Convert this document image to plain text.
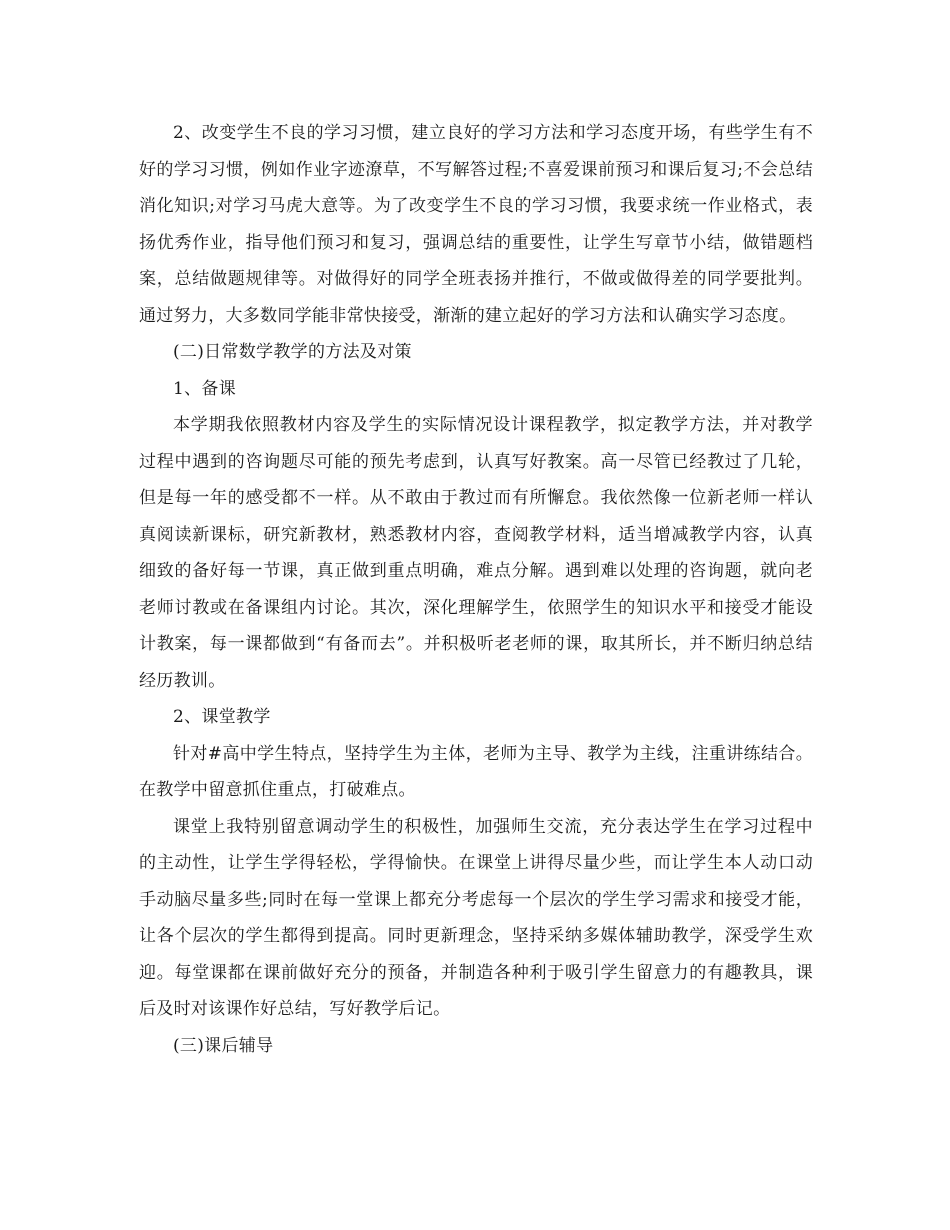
2、改变学生不良的学习习惯，建立良好的学习方法和学习态度开场，有些学生有不好的学习习惯，例如作业字迹潦草，不写解答过程;不喜爱课前预习和课后复习;不会总结消化知识;对学习马虎大意等。为了改变学生不良的学习习惯，我要求统一作业格式，表扬优秀作业，指导他们预习和复习，强调总结的重要性，让学生写章节小结，做错题档案，总结做题规律等。对做得好的同学全班表扬并推行，不做或做得差的同学要批判。通过努力，大多数同学能非常快接受，渐渐的建立起好的学习方法和认确实学习态度。

(二)日常数学教学的方法及对策

1、备课

本学期我依照教材内容及学生的实际情况设计课程教学，拟定教学方法，并对教学过程中遇到的咨询题尽可能的预先考虑到，认真写好教案。高一尽管已经教过了几轮，但是每一年的感受都不一样。从不敢由于教过而有所懈怠。我依然像一位新老师一样认真阅读新课标，研究新教材，熟悉教材内容，查阅教学材料，适当增减教学内容，认真细致的备好每一节课，真正做到重点明确，难点分解。遇到难以处理的咨询题，就向老老师讨教或在备课组内讨论。其次，深化理解学生，依照学生的知识水平和接受才能设计教案，每一课都做到“有备而去”。并积极听老老师的课，取其所长，并不断归纳总结经历教训。

2、课堂教学

针对#高中学生特点，坚持学生为主体，老师为主导、教学为主线，注重讲练结合。在教学中留意抓住重点，打破难点。

课堂上我特别留意调动学生的积极性，加强师生交流，充分表达学生在学习过程中的主动性，让学生学得轻松，学得愉快。在课堂上讲得尽量少些，而让学生本人动口动手动脑尽量多些;同时在每一堂课上都充分考虑每一个层次的学生学习需求和接受才能，让各个层次的学生都得到提高。同时更新理念，坚持采纳多媒体辅助教学，深受学生欢迎。每堂课都在课前做好充分的预备，并制造各种利于吸引学生留意力的有趣教具，课后及时对该课作好总结，写好教学后记。

(三)课后辅导
